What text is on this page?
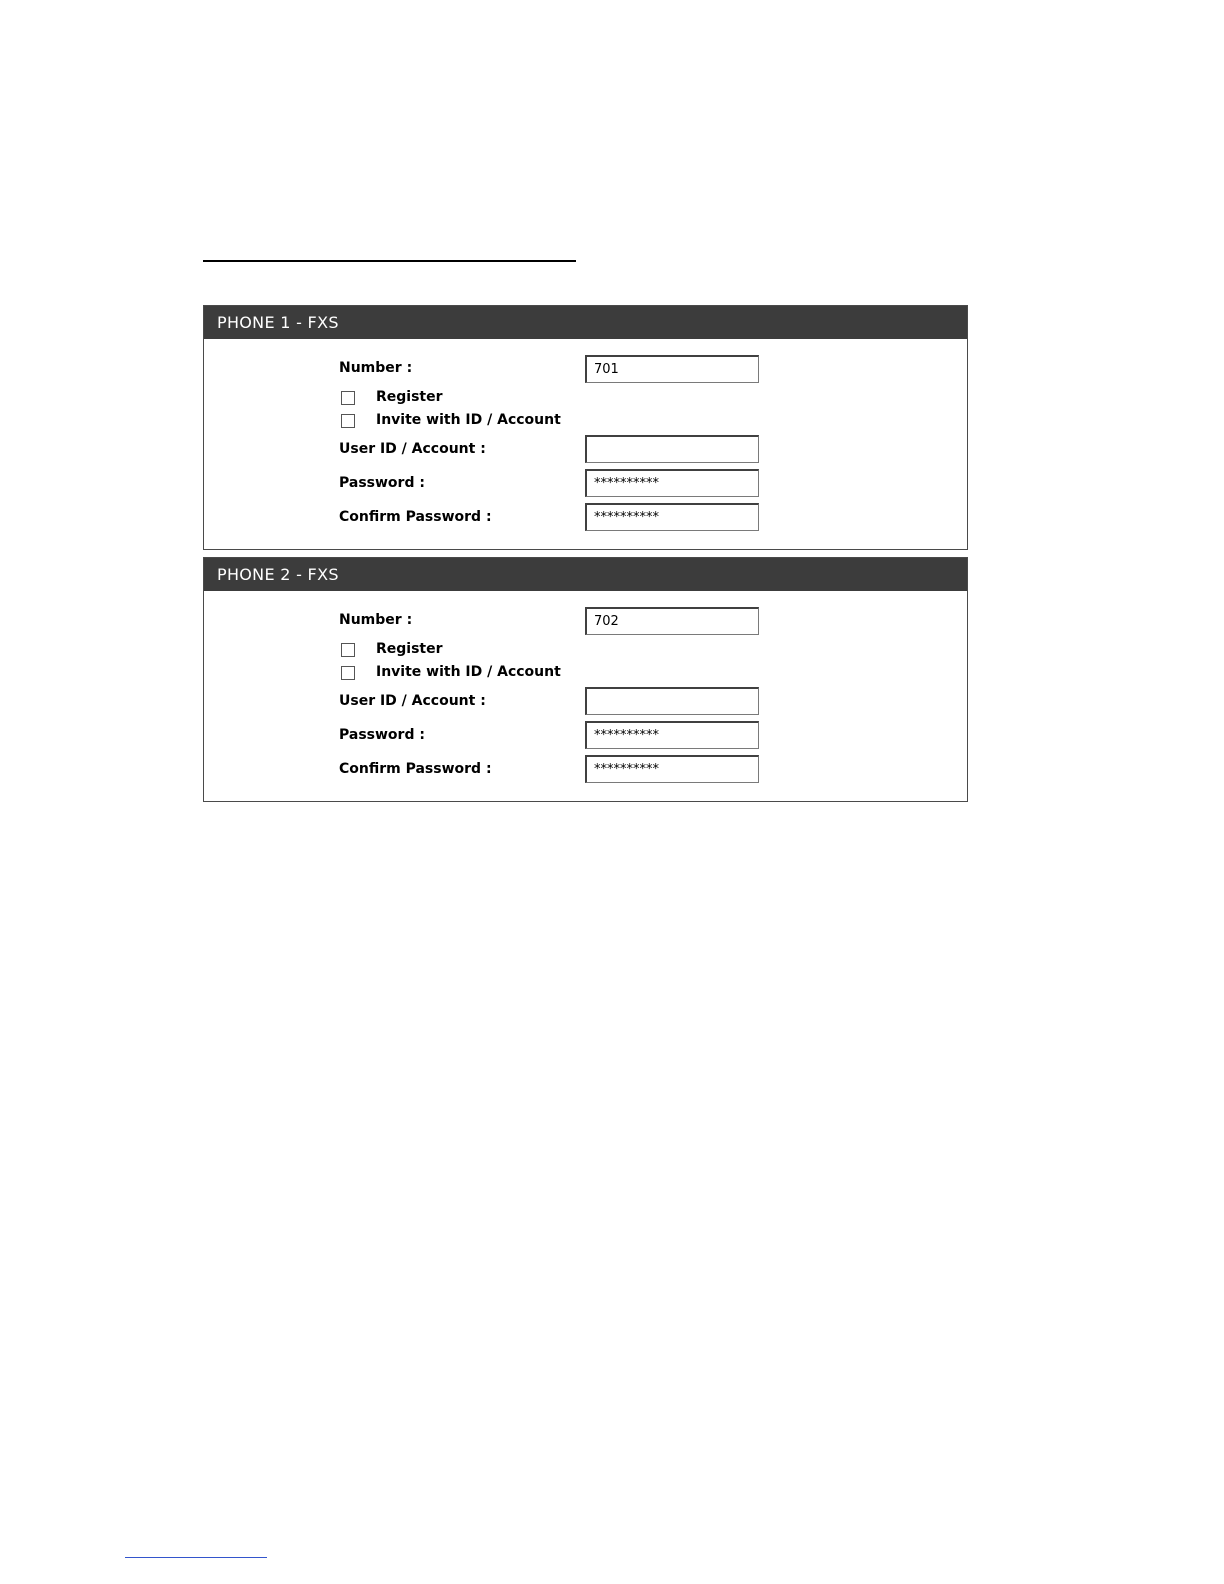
PHONE 1 - FXS
Number :
701
Register
Invite with ID / Account
User ID / Account :
Password :
**********
Confirm Password :
**********
PHONE 2 - FXS
Number :
702
Register
Invite with ID / Account
User ID / Account :
Password :
**********
Confirm Password :
**********
